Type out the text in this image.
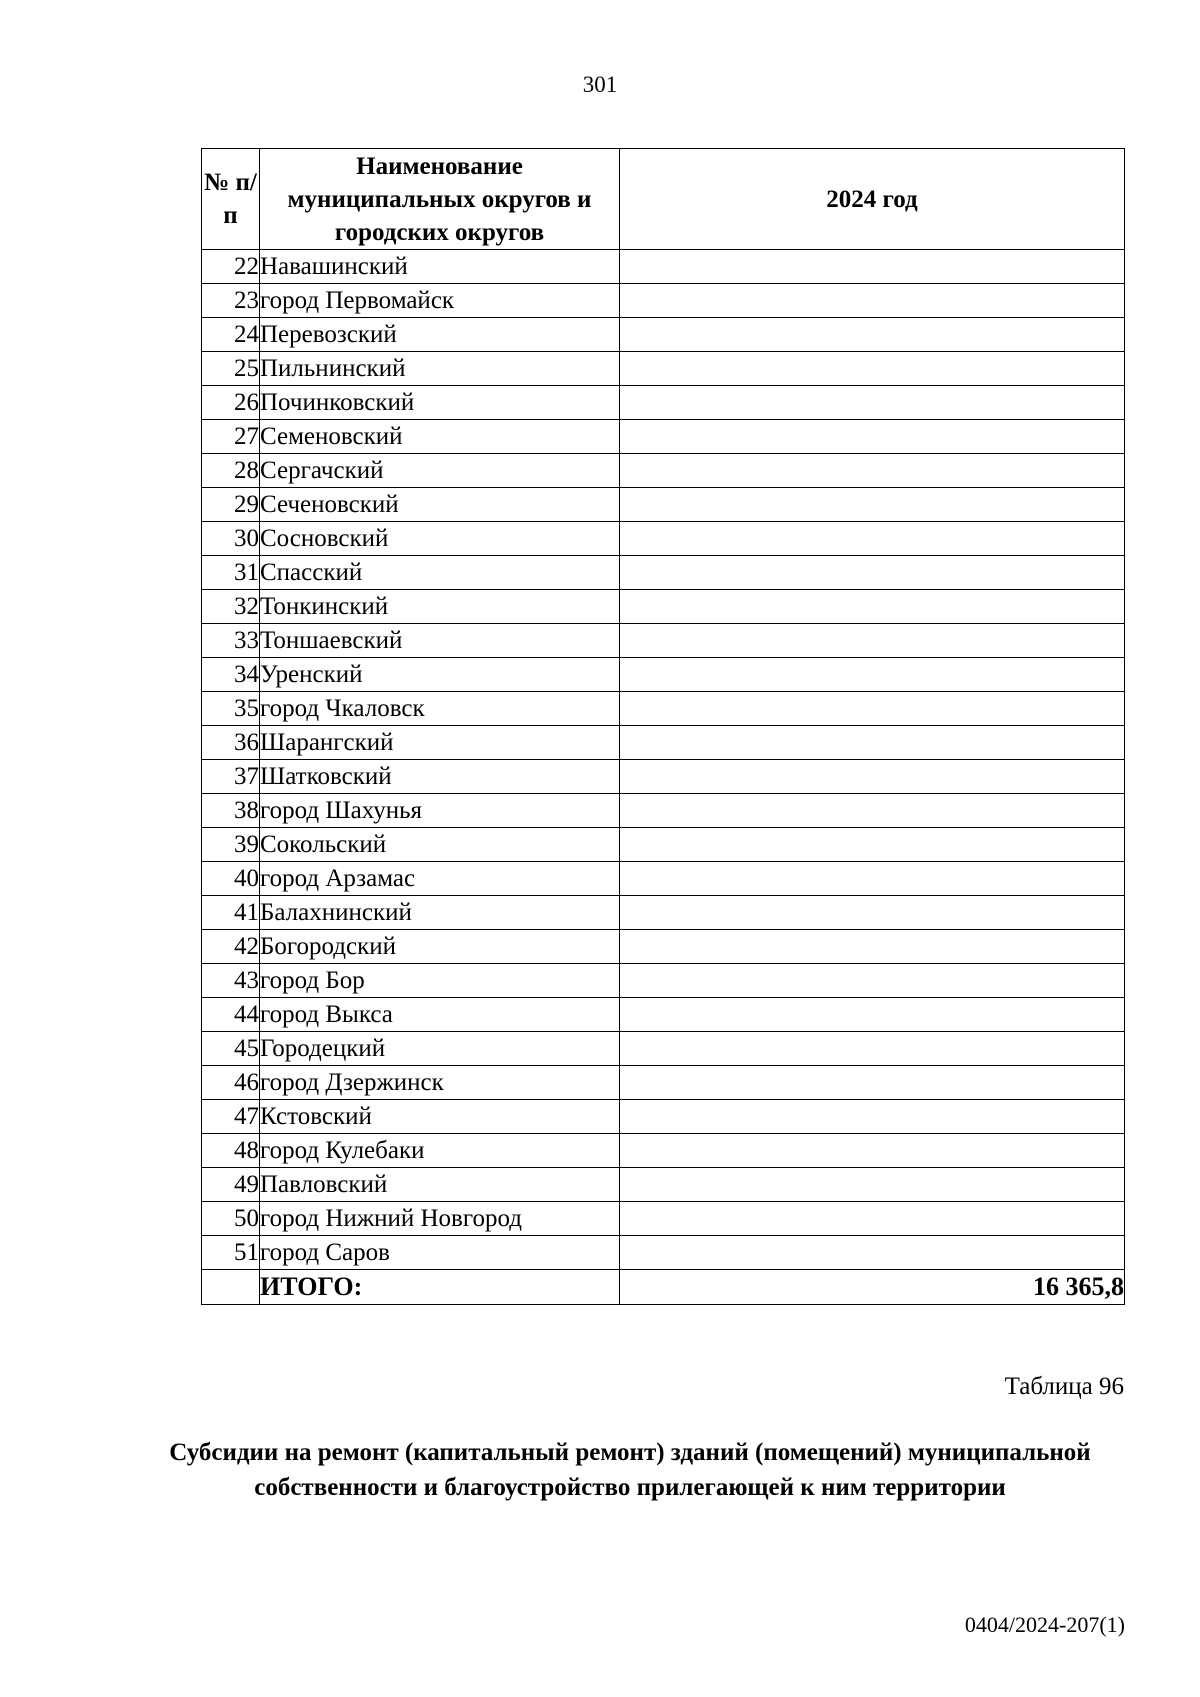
301
№ п/п	Наименование муниципальных округов и городских округов	2024 год
22	Навашинский	
23	город Первомайск	
24	Перевозский	
25	Пильнинский	
26	Починковский	
27	Семеновский	
28	Сергачский	
29	Сеченовский	
30	Сосновский	
31	Спасский	
32	Тонкинский	
33	Тоншаевский	
34	Уренский	
35	город Чкаловск	
36	Шарангский	
37	Шатковский	
38	город Шахунья	
39	Сокольский	
40	город Арзамас	
41	Балахнинский	
42	Богородский	
43	город Бор	
44	город Выкса	
45	Городецкий	
46	город Дзержинск	
47	Кстовский	
48	город Кулебаки	
49	Павловский	
50	город Нижний Новгород	
51	город Саров	
	ИТОГО:	16 365,8
Таблица 96
Субсидии на ремонт (капитальный ремонт) зданий (помещений) муниципальной собственности и благоустройство прилегающей к ним территории
0404/2024-207(1)
